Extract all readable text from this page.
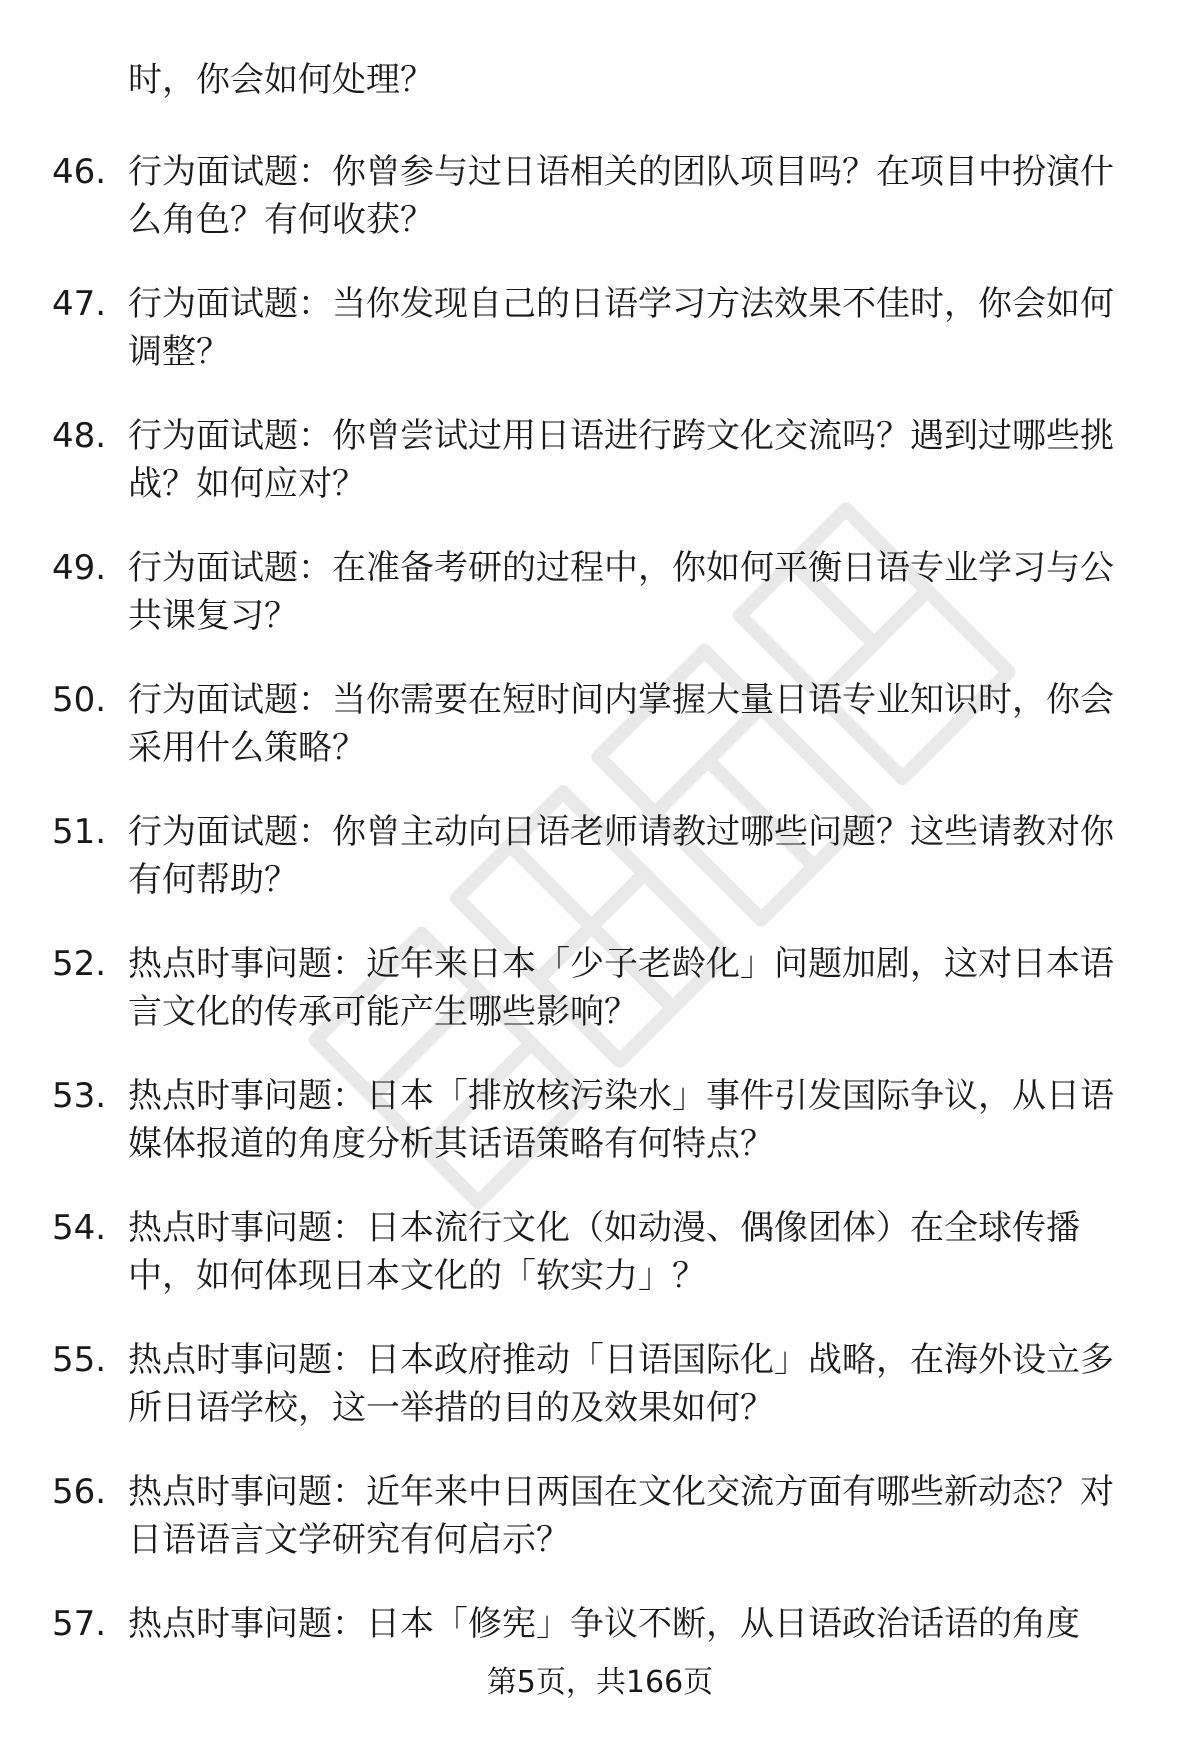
时，你会如何处理？
46. 行为面试题：你曾参与过日语相关的团队项目吗？在项目中扮演什么角色？有何收获？
47. 行为面试题：当你发现自己的日语学习方法效果不佳时，你会如何调整？
48. 行为面试题：你曾尝试过用日语进行跨文化交流吗？遇到过哪些挑战？如何应对？
49. 行为面试题：在准备考研的过程中，你如何平衡日语专业学习与公共课复习？
50. 行为面试题：当你需要在短时间内掌握大量日语专业知识时，你会采用什么策略？
51. 行为面试题：你曾主动向日语老师请教过哪些问题？这些请教对你有何帮助？
52. 热点时事问题：近年来日本「少子老龄化」问题加剧，这对日本语言文化的传承可能产生哪些影响？
53. 热点时事问题：日本「排放核污染水」事件引发国际争议，从日语媒体报道的角度分析其话语策略有何特点？
54. 热点时事问题：日本流行文化（如动漫、偶像团体）在全球传播中，如何体现日本文化的「软实力」？
55. 热点时事问题：日本政府推动「日语国际化」战略，在海外设立多所日语学校，这一举措的目的及效果如何？
56. 热点时事问题：近年来中日两国在文化交流方面有哪些新动态？对日语语言文学研究有何启示？
57. 热点时事问题：日本「修宪」争议不断，从日语政治话语的角度
第5页，共166页
